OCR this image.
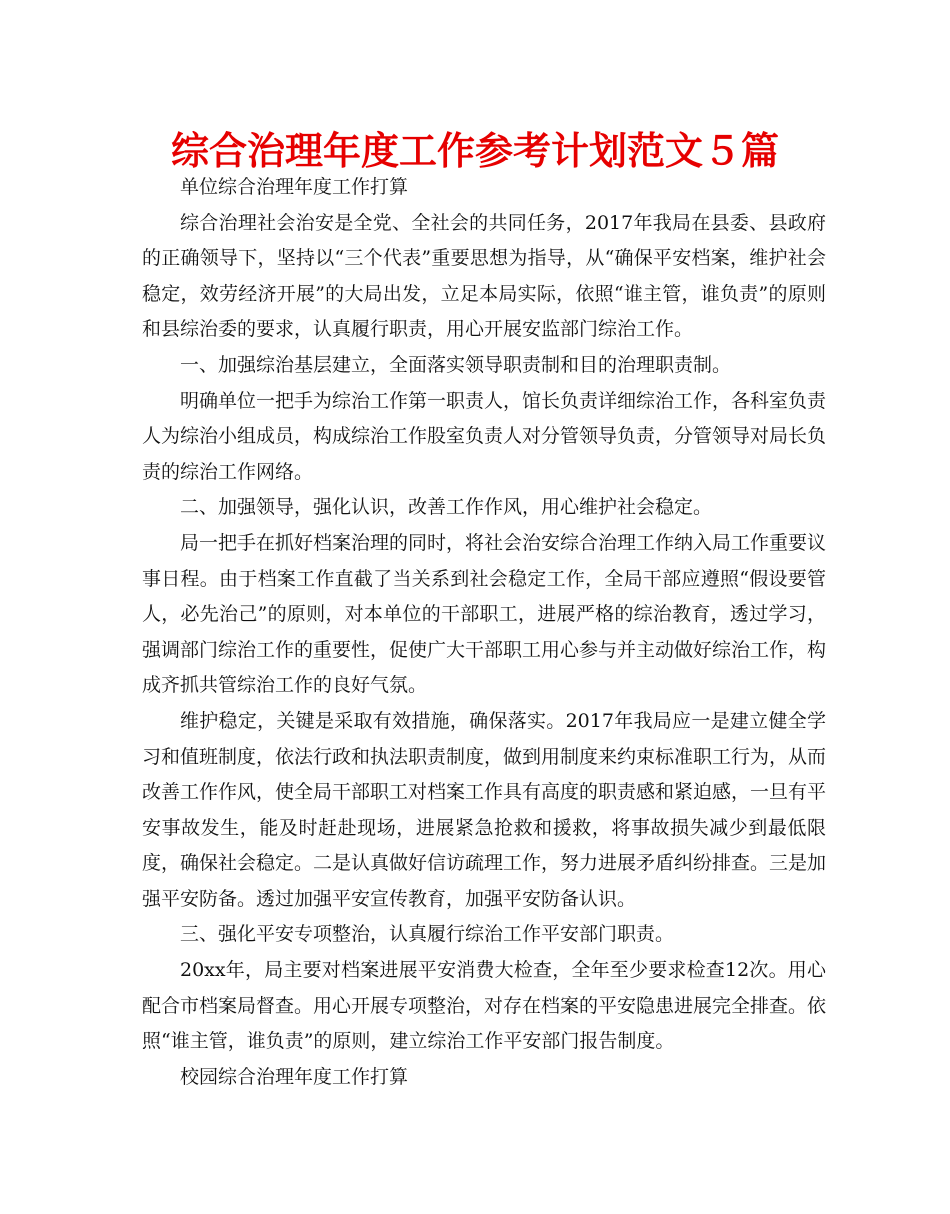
综合治理年度工作参考计划范文５篇

单位综合治理年度工作打算

综合治理社会治安是全党、全社会的共同任务，2017年我局在县委、县政府的正确领导下，坚持以“三个代表”重要思想为指导，从“确保平安档案，维护社会稳定，效劳经济开展”的大局出发，立足本局实际，依照“谁主管，谁负责”的原则和县综治委的要求，认真履行职责，用心开展安监部门综治工作。

一、加强综治基层建立，全面落实领导职责制和目的治理职责制。

明确单位一把手为综治工作第一职责人，馆长负责详细综治工作，各科室负责人为综治小组成员，构成综治工作股室负责人对分管领导负责，分管领导对局长负责的综治工作网络。

二、加强领导，强化认识，改善工作作风，用心维护社会稳定。

局一把手在抓好档案治理的同时，将社会治安综合治理工作纳入局工作重要议事日程。由于档案工作直截了当关系到社会稳定工作，全局干部应遵照“假设要管人，必先治己”的原则，对本单位的干部职工，进展严格的综治教育，透过学习，强调部门综治工作的重要性，促使广大干部职工用心参与并主动做好综治工作，构成齐抓共管综治工作的良好气氛。

维护稳定，关键是采取有效措施，确保落实。2017年我局应一是建立健全学习和值班制度，依法行政和执法职责制度，做到用制度来约束标准职工行为，从而改善工作作风，使全局干部职工对档案工作具有高度的职责感和紧迫感，一旦有平安事故发生，能及时赶赴现场，进展紧急抢救和援救，将事故损失减少到最低限度，确保社会稳定。二是认真做好信访疏理工作，努力进展矛盾纠纷排查。三是加强平安防备。透过加强平安宣传教育，加强平安防备认识。

三、强化平安专项整治，认真履行综治工作平安部门职责。

20xx年，局主要对档案进展平安消费大检查，全年至少要求检查12次。用心配合市档案局督查。用心开展专项整治，对存在档案的平安隐患进展完全排查。依照“谁主管，谁负责”的原则，建立综治工作平安部门报告制度。

校园综合治理年度工作打算
